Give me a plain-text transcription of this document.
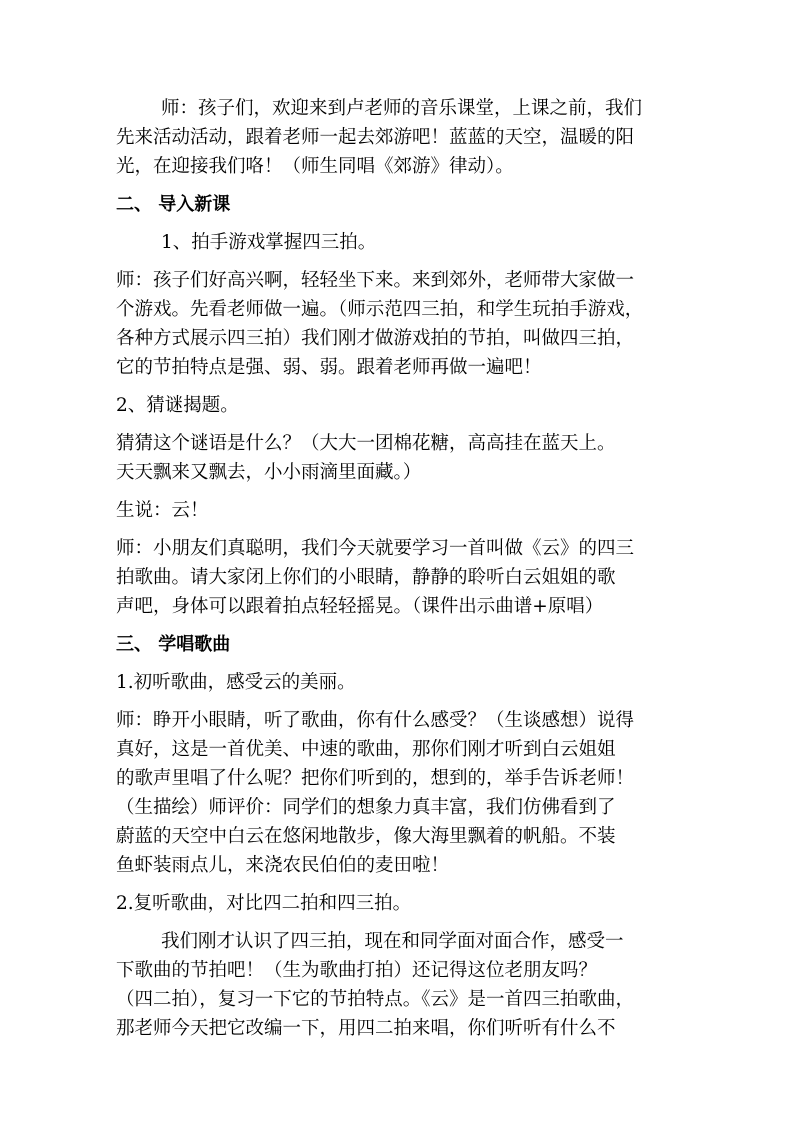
师：孩子们，欢迎来到卢老师的音乐课堂，上课之前，我们
先来活动活动，跟着老师一起去郊游吧！蓝蓝的天空，温暖的阳
光，在迎接我们咯！（师生同唱《郊游》律动）。
二、 导入新课
1、拍手游戏掌握四三拍。
师：孩子们好高兴啊，轻轻坐下来。来到郊外，老师带大家做一
个游戏。先看老师做一遍。（师示范四三拍，和学生玩拍手游戏，
各种方式展示四三拍）我们刚才做游戏拍的节拍，叫做四三拍，
它的节拍特点是强、弱、弱。跟着老师再做一遍吧！
2、猜谜揭题。
猜猜这个谜语是什么？（大大一团棉花糖，高高挂在蓝天上。
天天飘来又飘去，小小雨滴里面藏。）
生说：云！
师：小朋友们真聪明，我们今天就要学习一首叫做《云》的四三
拍歌曲。请大家闭上你们的小眼睛，静静的聆听白云姐姐的歌
声吧，身体可以跟着拍点轻轻摇晃。（课件出示曲谱+原唱）
三、 学唱歌曲
1.初听歌曲，感受云的美丽。
师：睁开小眼睛，听了歌曲，你有什么感受？（生谈感想）说得
真好，这是一首优美、中速的歌曲，那你们刚才听到白云姐姐
的歌声里唱了什么呢？把你们听到的，想到的，举手告诉老师！
（生描绘）师评价：同学们的想象力真丰富，我们仿佛看到了
蔚蓝的天空中白云在悠闲地散步，像大海里飘着的帆船。不装
鱼虾装雨点儿，来浇农民伯伯的麦田啦！
2.复听歌曲，对比四二拍和四三拍。
我们刚才认识了四三拍，现在和同学面对面合作，感受一
下歌曲的节拍吧！（生为歌曲打拍）还记得这位老朋友吗？
（四二拍），复习一下它的节拍特点。《云》是一首四三拍歌曲，
那老师今天把它改编一下，用四二拍来唱，你们听听有什么不
